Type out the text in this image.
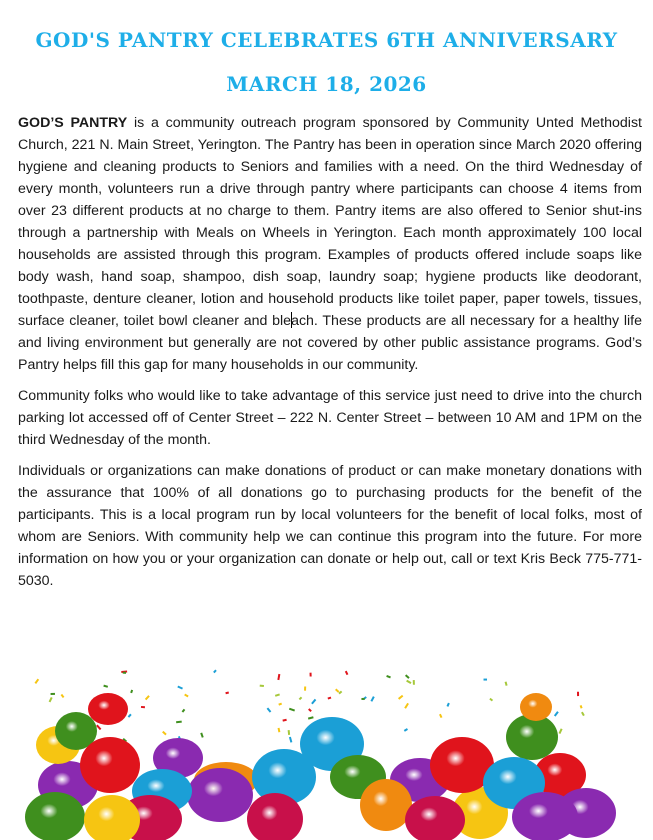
GOD'S PANTRY CELEBRATES 6TH ANNIVERSARY
MARCH 18, 2026

GOD’S PANTRY is a community outreach program sponsored by Community Unted Methodist Church, 221 N. Main Street, Yerington. The Pantry has been in operation since March 2020 offering hygiene and cleaning products to Seniors and families with a need. On the third Wednesday of every month, volunteers run a drive through pantry where participants can choose 4 items from over 23 different products at no charge to them. Pantry items are also offered to Senior shut-ins through a partnership with Meals on Wheels in Yerington. Each month approximately 100 local households are assisted through this program. Examples of products offered include soaps like body wash, hand soap, shampoo, dish soap, laundry soap; hygiene products like deodorant, toothpaste, denture cleaner, lotion and household products like toilet paper, paper towels, tissues, surface cleaner, toilet bowl cleaner and bleach. These products are all necessary for a healthy life and living environment but generally are not covered by other public assistance programs. God’s Pantry helps fill this gap for many households in our community.

Community folks who would like to take advantage of this service just need to drive into the church parking lot accessed off of Center Street – 222 N. Center Street – between 10 AM and 1PM on the third Wednesday of the month.

Individuals or organizations can make donations of product or can make monetary donations with the assurance that 100% of all donations go to purchasing products for the benefit of the participants. This is a local program run by local volunteers for the benefit of local folks, most of whom are Seniors. With community help we can continue this program into the future. For more information on how you or your organization can donate or help out, call or text Kris Beck 775-771-5030.
